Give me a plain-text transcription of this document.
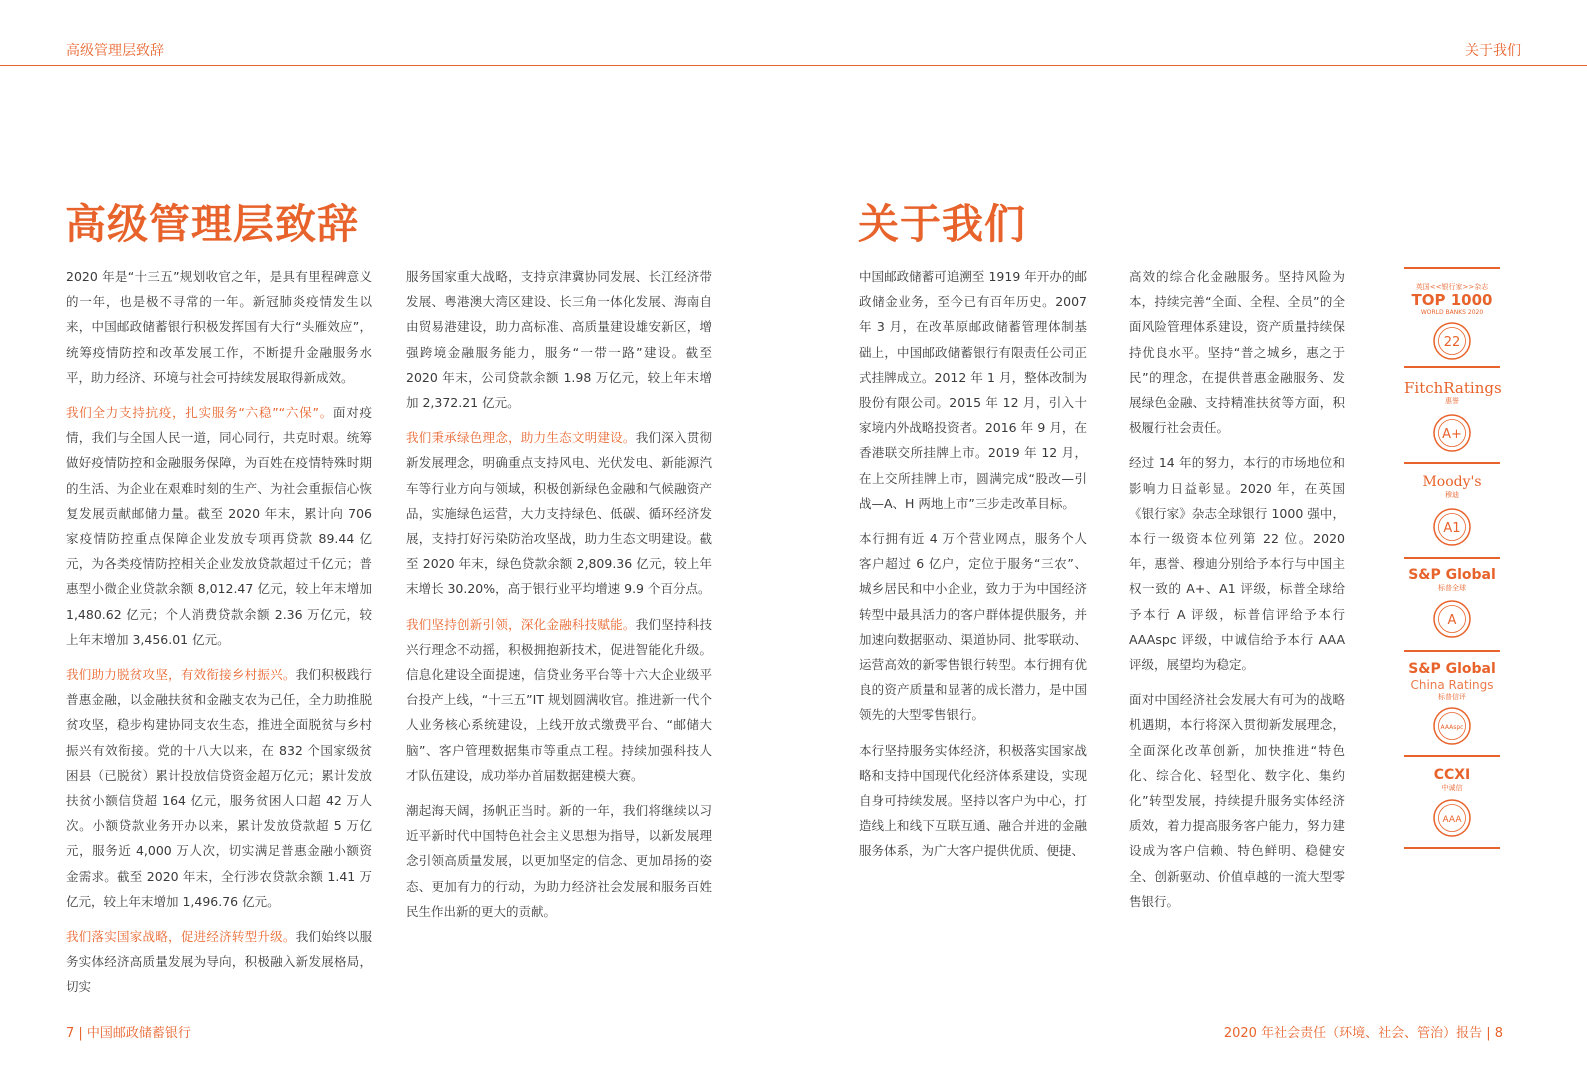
高级管理层致辞	关于我们
高级管理层致辞	关于我们

2020 年是“十三五”规划收官之年，是具有里程碑意义的一年，也是极不寻常的一年。新冠肺炎疫情发生以来，中国邮政储蓄银行积极发挥国有大行“头雁效应”，统筹疫情防控和改革发展工作，不断提升金融服务水平，助力经济、环境与社会可持续发展取得新成效。

我们全力支持抗疫，扎实服务“六稳”“六保”。面对疫情，我们与全国人民一道，同心同行，共克时艰。统筹做好疫情防控和金融服务保障，为百姓在疫情特殊时期的生活、为企业在艰难时刻的生产、为社会重振信心恢复发展贡献邮储力量。截至 2020 年末，累计向 706 家疫情防控重点保障企业发放专项再贷款 89.44 亿元，为各类疫情防控相关企业发放贷款超过千亿元；普惠型小微企业贷款余额 8,012.47 亿元，较上年末增加 1,480.62 亿元；个人消费贷款余额 2.36 万亿元，较上年末增加 3,456.01 亿元。

我们助力脱贫攻坚，有效衔接乡村振兴。我们积极践行普惠金融，以金融扶贫和金融支农为己任，全力助推脱贫攻坚，稳步构建协同支农生态，推进全面脱贫与乡村振兴有效衔接。党的十八大以来，在 832 个国家级贫困县（已脱贫）累计投放信贷资金超万亿元；累计发放扶贫小额信贷超 164 亿元，服务贫困人口超 42 万人次。小额贷款业务开办以来，累计发放贷款超 5 万亿元，服务近 4,000 万人次，切实满足普惠金融小额资金需求。截至 2020 年末，全行涉农贷款余额 1.41 万亿元，较上年末增加 1,496.76 亿元。

我们落实国家战略，促进经济转型升级。我们始终以服务实体经济高质量发展为导向，积极融入新发展格局，切实

服务国家重大战略，支持京津冀协同发展、长江经济带发展、粤港澳大湾区建设、长三角一体化发展、海南自由贸易港建设，助力高标准、高质量建设雄安新区，增强跨境金融服务能力，服务“一带一路”建设。截至 2020 年末，公司贷款余额 1.98 万亿元，较上年末增加 2,372.21 亿元。

我们秉承绿色理念，助力生态文明建设。我们深入贯彻新发展理念，明确重点支持风电、光伏发电、新能源汽车等行业方向与领域，积极创新绿色金融和气候融资产品，实施绿色运营，大力支持绿色、低碳、循环经济发展，支持打好污染防治攻坚战，助力生态文明建设。截至 2020 年末，绿色贷款余额 2,809.36 亿元，较上年末增长 30.20%，高于银行业平均增速 9.9 个百分点。

我们坚持创新引领，深化金融科技赋能。我们坚持科技兴行理念不动摇，积极拥抱新技术，促进智能化升级。信息化建设全面提速，信贷业务平台等十六大企业级平台投产上线，“十三五”IT 规划圆满收官。推进新一代个人业务核心系统建设，上线开放式缴费平台、“邮储大脑”、客户管理数据集市等重点工程。持续加强科技人才队伍建设，成功举办首届数据建模大赛。

潮起海天阔，扬帆正当时。新的一年，我们将继续以习近平新时代中国特色社会主义思想为指导，以新发展理念引领高质量发展，以更加坚定的信念、更加昂扬的姿态、更加有力的行动，为助力经济社会发展和服务百姓民生作出新的更大的贡献。

中国邮政储蓄可追溯至 1919 年开办的邮政储金业务，至今已有百年历史。2007 年 3 月，在改革原邮政储蓄管理体制基础上，中国邮政储蓄银行有限责任公司正式挂牌成立。2012 年 1 月，整体改制为股份有限公司。2015 年 12 月，引入十家境内外战略投资者。2016 年 9 月，在香港联交所挂牌上市。2019 年 12 月，在上交所挂牌上市，圆满完成“股改—引战—A、H 两地上市”三步走改革目标。

本行拥有近 4 万个营业网点，服务个人客户超过 6 亿户，定位于服务“三农”、城乡居民和中小企业，致力于为中国经济转型中最具活力的客户群体提供服务，并加速向数据驱动、渠道协同、批零联动、运营高效的新零售银行转型。本行拥有优良的资产质量和显著的成长潜力，是中国领先的大型零售银行。

本行坚持服务实体经济，积极落实国家战略和支持中国现代化经济体系建设，实现自身可持续发展。坚持以客户为中心，打造线上和线下互联互通、融合并进的金融服务体系，为广大客户提供优质、便捷、

高效的综合化金融服务。坚持风险为本，持续完善“全面、全程、全员”的全面风险管理体系建设，资产质量持续保持优良水平。坚持“普之城乡，惠之于民”的理念，在提供普惠金融服务、发展绿色金融、支持精准扶贫等方面，积极履行社会责任。

经过 14 年的努力，本行的市场地位和影响力日益彰显。2020 年，在英国《银行家》杂志全球银行 1000 强中，本行一级资本位列第 22 位。2020 年，惠誉、穆迪分别给予本行与中国主权一致的 A+、A1 评级，标普全球给予本行 A 评级，标普信评给予本行 AAAspc 评级，中诚信给予本行 AAA 评级，展望均为稳定。

面对中国经济社会发展大有可为的战略机遇期，本行将深入贯彻新发展理念，全面深化改革创新，加快推进“特色化、综合化、轻型化、数字化、集约化”转型发展，持续提升服务实体经济质效，着力提高服务客户能力，努力建设成为客户信赖、特色鲜明、稳健安全、创新驱动、价值卓越的一流大型零售银行。

英国<<银行家>>杂志
TOP 1000
WORLD BANKS 2020
22
FitchRatings
惠誉
A+
Moody's
穆迪
A1
S&P Global
标普全球
A
S&P Global
China Ratings
标普信评
AAAspc
CCXI
中诚信
AAA
7 | 中国邮政储蓄银行	2020 年社会责任（环境、社会、管治）报告 | 8
